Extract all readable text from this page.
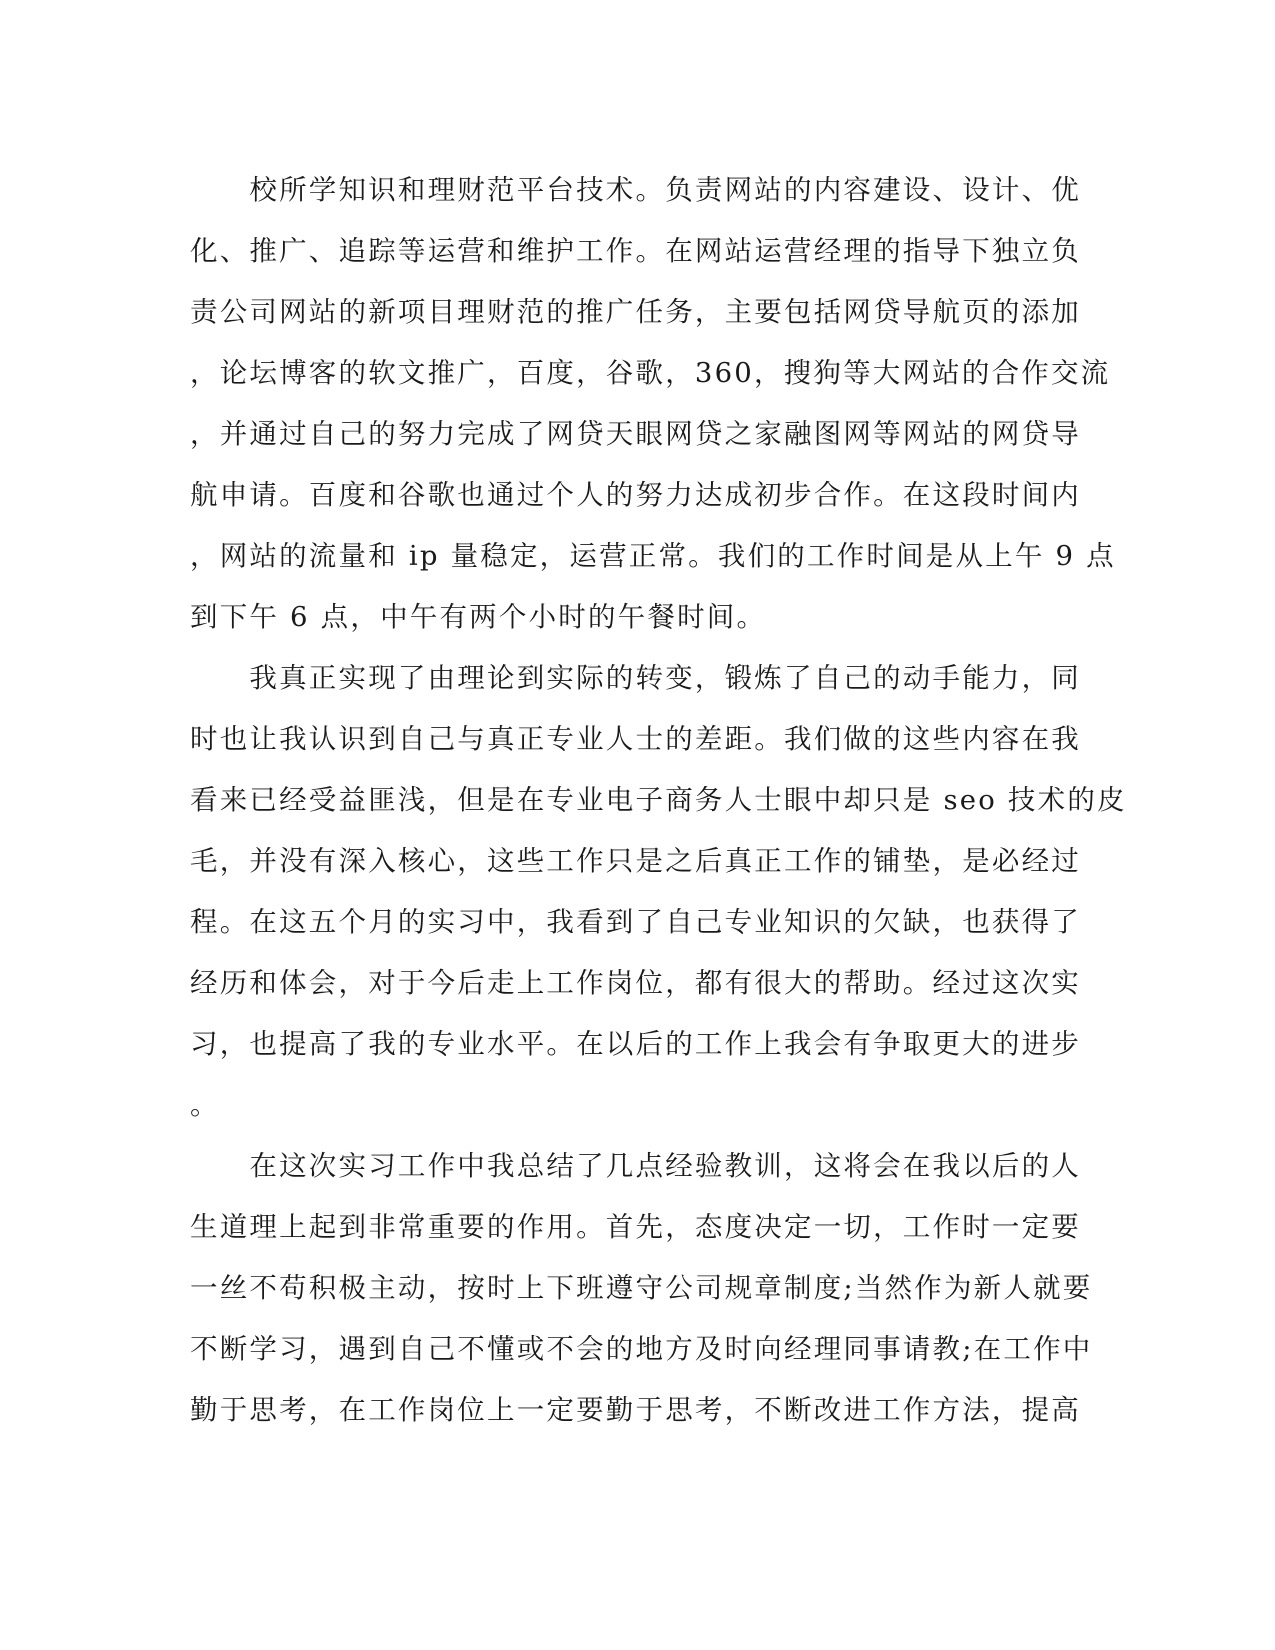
　　校所学知识和理财范平台技术。负责网站的内容建设、设计、优
化、推广、追踪等运营和维护工作。在网站运营经理的指导下独立负
责公司网站的新项目理财范的推广任务，主要包括网贷导航页的添加
，论坛博客的软文推广，百度，谷歌，360，搜狗等大网站的合作交流
，并通过自己的努力完成了网贷天眼网贷之家融图网等网站的网贷导
航申请。百度和谷歌也通过个人的努力达成初步合作。在这段时间内
，网站的流量和 ip 量稳定，运营正常。我们的工作时间是从上午 9 点
到下午 6 点，中午有两个小时的午餐时间。
　　我真正实现了由理论到实际的转变，锻炼了自己的动手能力，同
时也让我认识到自己与真正专业人士的差距。我们做的这些内容在我
看来已经受益匪浅，但是在专业电子商务人士眼中却只是 seo 技术的皮
毛，并没有深入核心，这些工作只是之后真正工作的铺垫，是必经过
程。在这五个月的实习中，我看到了自己专业知识的欠缺，也获得了
经历和体会，对于今后走上工作岗位，都有很大的帮助。经过这次实
习，也提高了我的专业水平。在以后的工作上我会有争取更大的进步
。
　　在这次实习工作中我总结了几点经验教训，这将会在我以后的人
生道理上起到非常重要的作用。首先，态度决定一切，工作时一定要
一丝不苟积极主动，按时上下班遵守公司规章制度;当然作为新人就要
不断学习，遇到自己不懂或不会的地方及时向经理同事请教;在工作中
勤于思考，在工作岗位上一定要勤于思考，不断改进工作方法，提高
